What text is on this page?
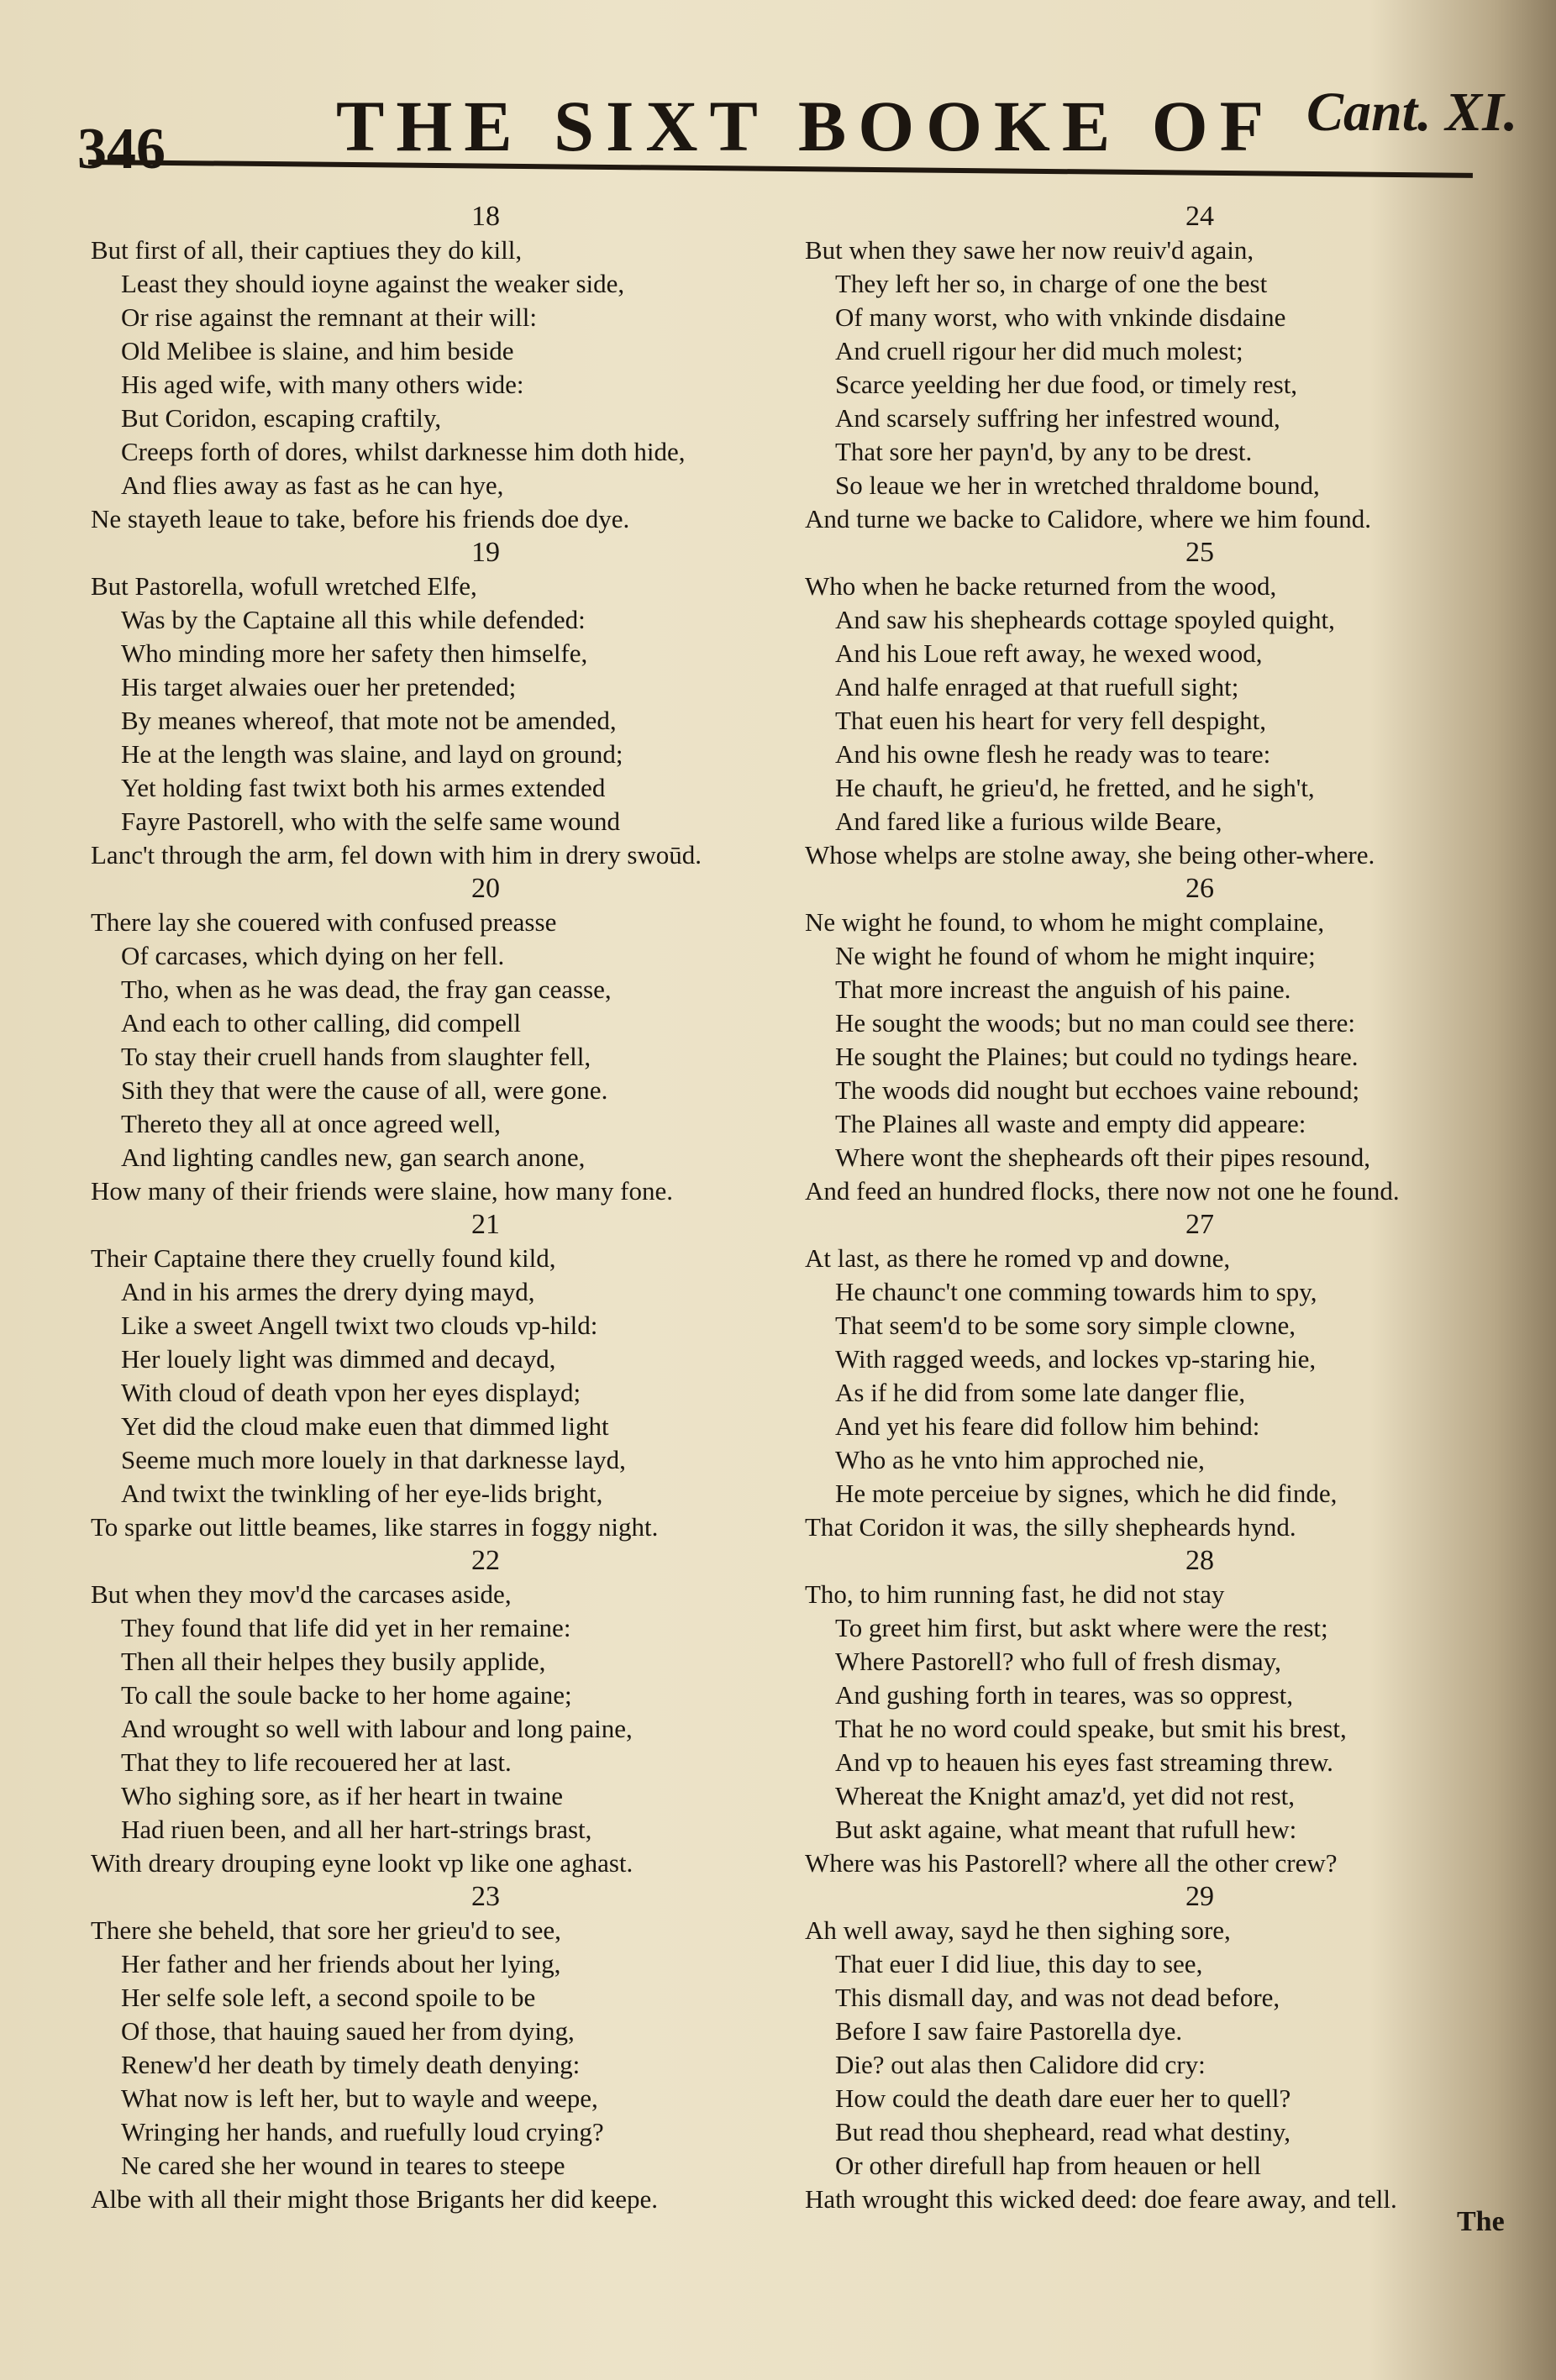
346 THE SIXT BOOKE OF Cant. XI.
18
But first of all, their captiues they do kill,
Least they should ioyne against the weaker side,
Or rise against the remnant at their will:
Old Melibee is slaine, and him beside
His aged wife, with many others wide:
But Coridon, escaping craftily,
Creeps forth of dores, whilst darknesse him doth hide,
And flies away as fast as he can hye,
Ne stayeth leaue to take, before his friends doe dye.
19
But Pastorella, wofull wretched Elfe,
Was by the Captaine all this while defended:
Who minding more her safety then himselfe,
His target alwaies ouer her pretended;
By meanes whereof, that mote not be amended,
He at the length was slaine, and layd on ground;
Yet holding fast twixt both his armes extended
Fayre Pastorell, who with the selfe same wound
Lanc't through the arm, fel down with him in drery swoūd.
20
There lay she couered with confused preasse
Of carcases, which dying on her fell.
Tho, when as he was dead, the fray gan ceasse,
And each to other calling, did compell
To stay their cruell hands from slaughter fell,
Sith they that were the cause of all, were gone.
Thereto they all at once agreed well,
And lighting candles new, gan search anone,
How many of their friends were slaine, how many fone.
21
Their Captaine there they cruelly found kild,
And in his armes the drery dying mayd,
Like a sweet Angell twixt two clouds vp-hild:
Her louely light was dimmed and decayd,
With cloud of death vpon her eyes displayd;
Yet did the cloud make euen that dimmed light
Seeme much more louely in that darknesse layd,
And twixt the twinkling of her eye-lids bright,
To sparke out little beames, like starres in foggy night.
22
But when they mov'd the carcases aside,
They found that life did yet in her remaine:
Then all their helpes they busily applide,
To call the soule backe to her home againe;
And wrought so well with labour and long paine,
That they to life recouered her at last.
Who sighing sore, as if her heart in twaine
Had riuen been, and all her hart-strings brast,
With dreary drouping eyne lookt vp like one aghast.
23
There she beheld, that sore her grieu'd to see,
Her father and her friends about her lying,
Her selfe sole left, a second spoile to be
Of those, that hauing saued her from dying,
Renew'd her death by timely death denying:
What now is left her, but to wayle and weepe,
Wringing her hands, and ruefully loud crying?
Ne cared she her wound in teares to steepe
Albe with all their might those Brigants her did keepe.
24
But when they sawe her now reuiv'd again,
They left her so, in charge of one the best
Of many worst, who with vnkinde disdaine
And cruell rigour her did much molest;
Scarce yeelding her due food, or timely rest,
And scarsely suffring her infestred wound,
That sore her payn'd, by any to be drest.
So leaue we her in wretched thraldome bound,
And turne we backe to Calidore, where we him found.
25
Who when he backe returned from the wood,
And saw his shepheards cottage spoyled quight,
And his Loue reft away, he wexed wood,
And halfe enraged at that ruefull sight;
That euen his heart for very fell despight,
And his owne flesh he ready was to teare:
He chauft, he grieu'd, he fretted, and he sigh't,
And fared like a furious wilde Beare,
Whose whelps are stolne away, she being other-where.
26
Ne wight he found, to whom he might complaine,
Ne wight he found of whom he might inquire;
That more increast the anguish of his paine.
He sought the woods; but no man could see there:
He sought the Plaines; but could no tydings heare.
The woods did nought but ecchoes vaine rebound;
The Plaines all waste and empty did appeare:
Where wont the shepheards oft their pipes resound,
And feed an hundred flocks, there now not one he found.
27
At last, as there he romed vp and downe,
He chaunc't one comming towards him to spy,
That seem'd to be some sory simple clowne,
With ragged weeds, and lockes vp-staring hie,
As if he did from some late danger flie,
And yet his feare did follow him behind:
Who as he vnto him approched nie,
He mote perceiue by signes, which he did finde,
That Coridon it was, the silly shepheards hynd.
28
Tho, to him running fast, he did not stay
To greet him first, but askt where were the rest;
Where Pastorell? who full of fresh dismay,
And gushing forth in teares, was so opprest,
That he no word could speake, but smit his brest,
And vp to heauen his eyes fast streaming threw.
Whereat the Knight amaz'd, yet did not rest,
But askt againe, what meant that rufull hew:
Where was his Pastorell? where all the other crew?
29
Ah well away, sayd he then sighing sore,
That euer I did liue, this day to see,
This dismall day, and was not dead before,
Before I saw faire Pastorella dye.
Die? out alas then Calidore did cry:
How could the death dare euer her to quell?
But read thou shepheard, read what destiny,
Or other direfull hap from heauen or hell
Hath wrought this wicked deed: doe feare away, and tell.
The
